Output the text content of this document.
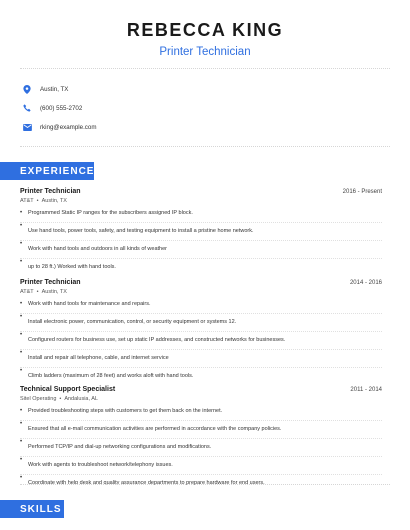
REBECCA KING
Printer Technician
Austin, TX
(600) 555-2702
rking@example.com
EXPERIENCE
Printer Technician	2016 - Present
AT&T • Austin, TX
• Programmed Static IP ranges for the subscribers assigned IP block.
• Use hand tools, power tools, safety, and testing equipment to install a pristine home network.
• Work with hand tools and outdoors in all kinds of weather
• up to 28 ft.) Worked with hand tools.
Printer Technician	2014 - 2016
AT&T • Austin, TX
• Work with hand tools for maintenance and repairs.
• Install electronic power, communication, control, or security equipment or systems 12.
• Configured routers for business use, set up static IP addresses, and constructed networks for businesses.
• Install and repair all telephone, cable, and internet service
• Climb ladders (maximum of 28 feet) and works aloft with hand tools.
Technical Support Specialist	2011 - 2014
Sitel Operating • Andalusia, AL
• Provided troubleshooting steps with customers to get them back on the internet.
• Ensured that all e-mail communication activities are performed in accordance with the company policies.
• Performed TCP/IP and dial-up networking configurations and modifications.
• Work with agents to troubleshoot network/telephony issues.
• Coordinate with help desk and quality assurance departments to prepare hardware for end users.
SKILLS
